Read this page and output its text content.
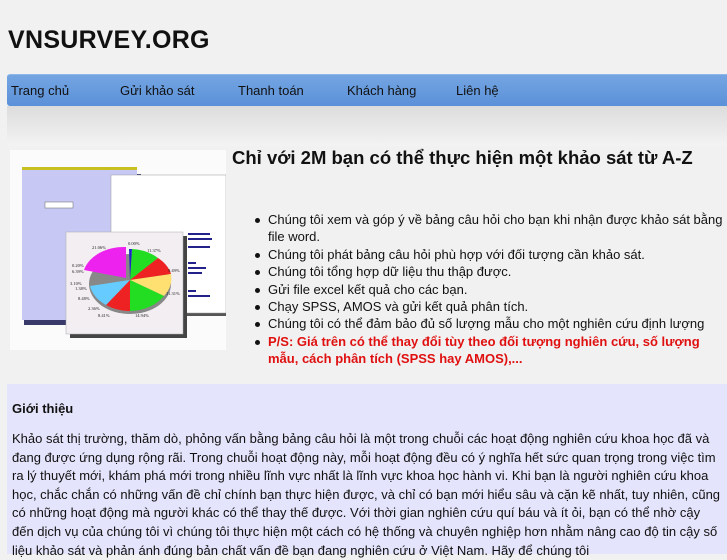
VNSURVEY.ORG
Trang chủ	Gửi khảo sát	Thanh toán	Khách hàng	Liên hệ
21.06%
0.00%
11.37%
9.49%
11.31%
14.94%
8.41%
2.36%
8.48%
1.38%
3.10%
6.39%
0.20%
Chỉ với 2M bạn có thể thực hiện một khảo sát từ A-Z
Chúng tôi xem và góp ý về bảng câu hỏi cho bạn khi nhận được khảo sát bằng file word.
Chúng tôi phát bảng câu hỏi phù hợp với đối tượng cần khảo sát.
Chúng tôi tổng hợp dữ liệu thu thập được.
Gửi file excel kết quả cho các bạn.
Chạy SPSS, AMOS và gửi kết quả phân tích.
Chúng tôi có thể đảm bảo đủ số lượng mẫu cho một nghiên cứu định lượng
P/S: Giá trên có thể thay đổi tùy theo đối tượng nghiên cứu, số lượng mẫu, cách phân tích (SPSS hay AMOS),...
Giới thiệu

Khảo sát thị trường, thăm dò, phỏng vấn bằng bảng câu hỏi là một trong chuỗi các hoạt động nghiên cứu khoa học đã và đang được ứng dụng rộng rãi. Trong chuỗi hoạt động này, mỗi hoạt động đều có ý nghĩa hết sức quan trọng trong việc tìm ra lý thuyết mới, khám phá mới trong nhiều lĩnh vực nhất là lĩnh vực khoa học hành vi. Khi bạn là người nghiên cứu khoa học, chắc chắn có những vấn đề chỉ chính bạn thực hiện được, và chỉ có bạn mới hiểu sâu và cặn kẽ nhất, tuy nhiên, cũng có những hoạt động mà người khác có thể thay thế được. Với thời gian nghiên cứu quí báu và ít ỏi, bạn có thể nhờ cậy đến dịch vụ của chúng tôi vì chúng tôi thực hiện một cách có hệ thống và chuyên nghiệp hơn nhằm nâng cao độ tin cậy số liệu khảo sát và phản ánh đúng bản chất vấn đề bạn đang nghiên cứu ở Việt Nam. Hãy để chúng tôi
